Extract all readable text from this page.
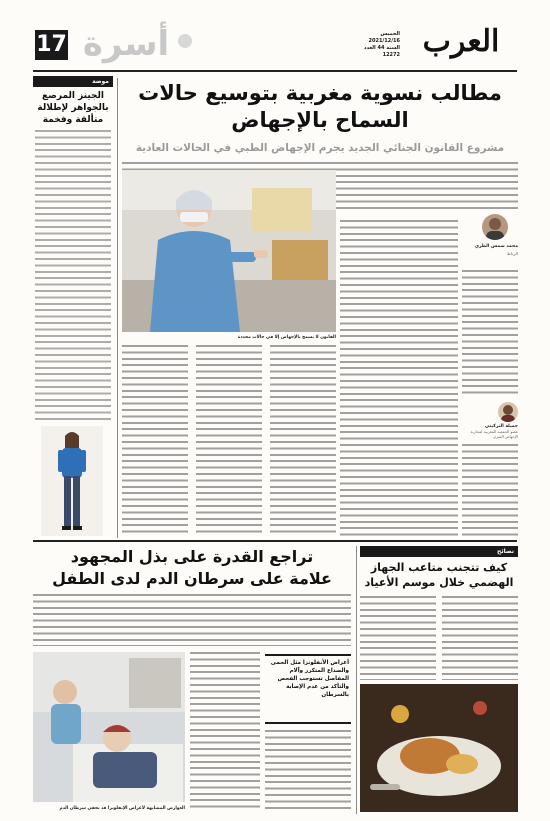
17 أسرة	الخميس 2021/12/16
السنة 44 العدد 12272 العرب
موضة
الجينز المرصع
بالجواهر لإطلالة
متألقة وفخمة
مطالب نسوية مغربية بتوسيع حالات
السماح بالإجهاض
مشروع القانون الجنائي الجديد يجرم الإجهاض الطبي في الحالات العادية
محمد شمس الطري
الرباط
جميلة التركيني
عضو الجمعية المغربية لمحاربة الإجهاض السري
القانون لا يسمح بالإجهاض إلا في حالات محددة
تراجع القدرة على بذل المجهود
علامة على سرطان الدم لدى الطفل
العوارض المشابهة لأعراض الإنفلونزا قد تخفي سرطان الدم
أعراض الأنفلونزا مثل الحمى والصداع المتكرر وآلام المفاصل تستوجب الفحص والتأكد من عدم الإصابة بالسرطان
نصائح
كيف تتجنب متاعب الجهاز
الهضمي خلال موسم الأعياد
